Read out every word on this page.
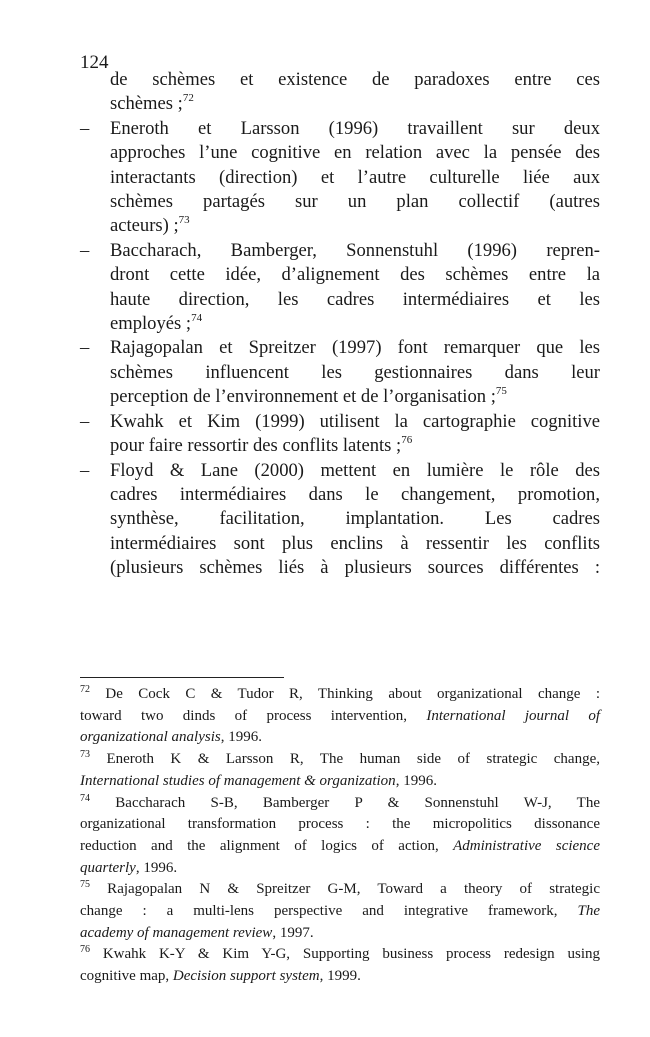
124
de schèmes et existence de paradoxes entre ces
schèmes ;$^{72}$
– Eneroth et Larsson (1996) travaillent sur deux
approches l’une cognitive en relation avec la pensée des
interactants (direction) et l’autre culturelle liée aux
schèmes partagés sur un plan collectif (autres
acteurs) ;$^{73}$
– Baccharach, Bamberger, Sonnenstuhl (1996) repren-
dront cette idée, d’alignement des schèmes entre la
haute direction, les cadres intermédiaires et les
employés ;$^{74}$
– Rajagopalan et Spreitzer (1997) font remarquer que les
schèmes influencent les gestionnaires dans leur
perception de l’environnement et de l’organisation ;$^{75}$
– Kwahk et Kim (1999) utilisent la cartographie cognitive
pour faire ressortir des conflits latents ;$^{76}$
– Floyd & Lane (2000) mettent en lumière le rôle des
cadres intermédiaires dans le changement, promotion,
synthèse, facilitation, implantation. Les cadres
intermédiaires sont plus enclins à ressentir les conflits
(plusieurs schèmes liés à plusieurs sources différentes :
$^{72}$ De Cock C & Tudor R, Thinking about organizational change :
toward two dinds of process intervention, International journal of
organizational analysis, 1996.
$^{73}$ Eneroth K & Larsson R, The human side of strategic change,
International studies of management & organization, 1996.
$^{74}$ Baccharach S-B, Bamberger P & Sonnenstuhl W-J, The
organizational transformation process : the micropolitics dissonance
reduction and the alignment of logics of action, Administrative science
quarterly, 1996.
$^{75}$ Rajagopalan N & Spreitzer G-M, Toward a theory of strategic
change : a multi-lens perspective and integrative framework, The
academy of management review, 1997.
$^{76}$ Kwahk K-Y & Kim Y-G, Supporting business process redesign using
cognitive map, Decision support system, 1999.
